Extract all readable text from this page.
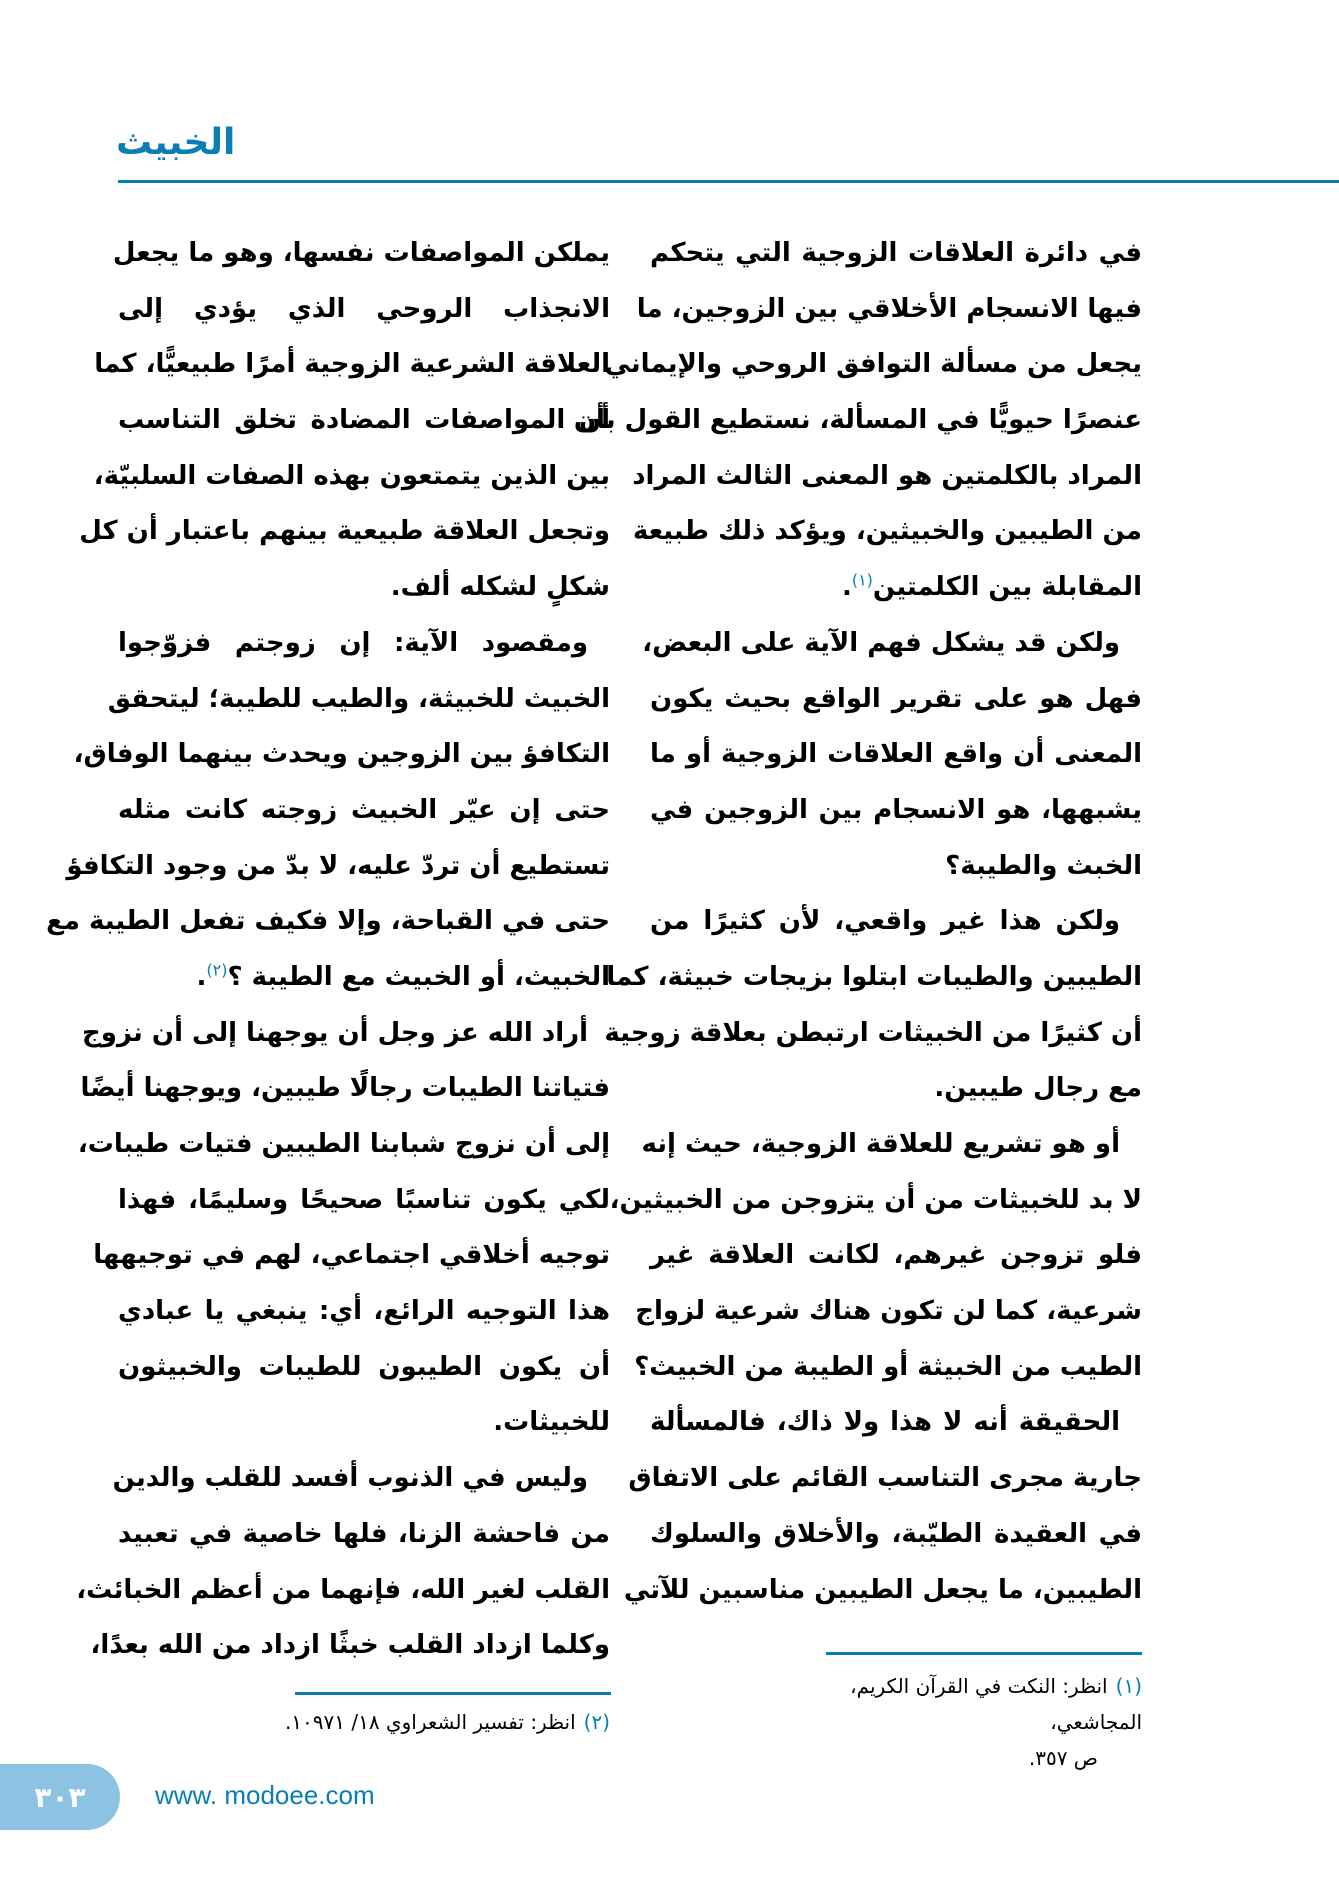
الخبيث
في دائرة العلاقات الزوجية التي يتحكم
فيها الانسجام الأخلاقي بين الزوجين، ما
يجعل من مسألة التوافق الروحي والإيماني
عنصرًا حيويًّا في المسألة، نستطيع القول بأن
المراد بالكلمتين هو المعنى الثالث المراد
من الطيبين والخبيثين، ويؤكد ذلك طبيعة
المقابلة بين الكلمتين$^{(١)}$.
ولكن قد يشكل فهم الآية على البعض،
فهل هو على تقرير الواقع بحيث يكون
المعنى أن واقع العلاقات الزوجية أو ما
يشبهها، هو الانسجام بين الزوجين في
الخبث والطيبة؟
ولكن هذا غير واقعي، لأن كثيرًا من
الطيبين والطيبات ابتلوا بزيجات خبيثة، كما
أن كثيرًا من الخبيثات ارتبطن بعلاقة زوجية
مع رجال طيبين.
أو هو تشريع للعلاقة الزوجية، حيث إنه
لا بد للخبيثات من أن يتزوجن من الخبيثين،
فلو تزوجن غيرهم، لكانت العلاقة غير
شرعية، كما لن تكون هناك شرعية لزواج
الطيب من الخبيثة أو الطيبة من الخبيث؟
الحقيقة أنه لا هذا ولا ذاك، فالمسألة
جارية مجرى التناسب القائم على الاتفاق
في العقيدة الطيّبة، والأخلاق والسلوك
الطيبين، ما يجعل الطيبين مناسبين للآتي
يملكن المواصفات نفسها، وهو ما يجعل
الانجذاب الروحي الذي يؤدي إلى
العلاقة الشرعية الزوجية أمرًا طبيعيًّا، كما
أن المواصفات المضادة تخلق التناسب
بين الذين يتمتعون بهذه الصفات السلبيّة،
وتجعل العلاقة طبيعية بينهم باعتبار أن كل
شكلٍ لشكله ألف.
ومقصود الآية: إن زوجتم فزوّجوا
الخبيث للخبيثة، والطيب للطيبة؛ ليتحقق
التكافؤ بين الزوجين ويحدث بينهما الوفاق،
حتى إن عيّر الخبيث زوجته كانت مثله
تستطيع أن تردّ عليه، لا بدّ من وجود التكافؤ
حتى في القباحة، وإلا فكيف تفعل الطيبة مع
الخبيث، أو الخبيث مع الطيبة ؟$^{(٢)}$.
أراد الله عز وجل أن يوجهنا إلى أن نزوج
فتياتنا الطيبات رجالًا طيبين، ويوجهنا أيضًا
إلى أن نزوج شبابنا الطيبين فتيات طيبات،
لكي يكون تناسبًا صحيحًا وسليمًا، فهذا
توجيه أخلاقي اجتماعي، لهم في توجيهها
هذا التوجيه الرائع، أي: ينبغي يا عبادي
أن يكون الطيبون للطيبات والخبيثون
للخبيثات.
وليس في الذنوب أفسد للقلب والدين
من فاحشة الزنا، فلها خاصية في تعبيد
القلب لغير الله، فإنهما من أعظم الخبائث،
وكلما ازداد القلب خبثًا ازداد من الله بعدًا،
(١)انظر: النكت في القرآن الكريم، المجاشعي،
ص ٣٥٧.
(٢)انظر: تفسير الشعراوي ١٨/ ١٠٩٧١.
٣٠٣	www. modoee.com
